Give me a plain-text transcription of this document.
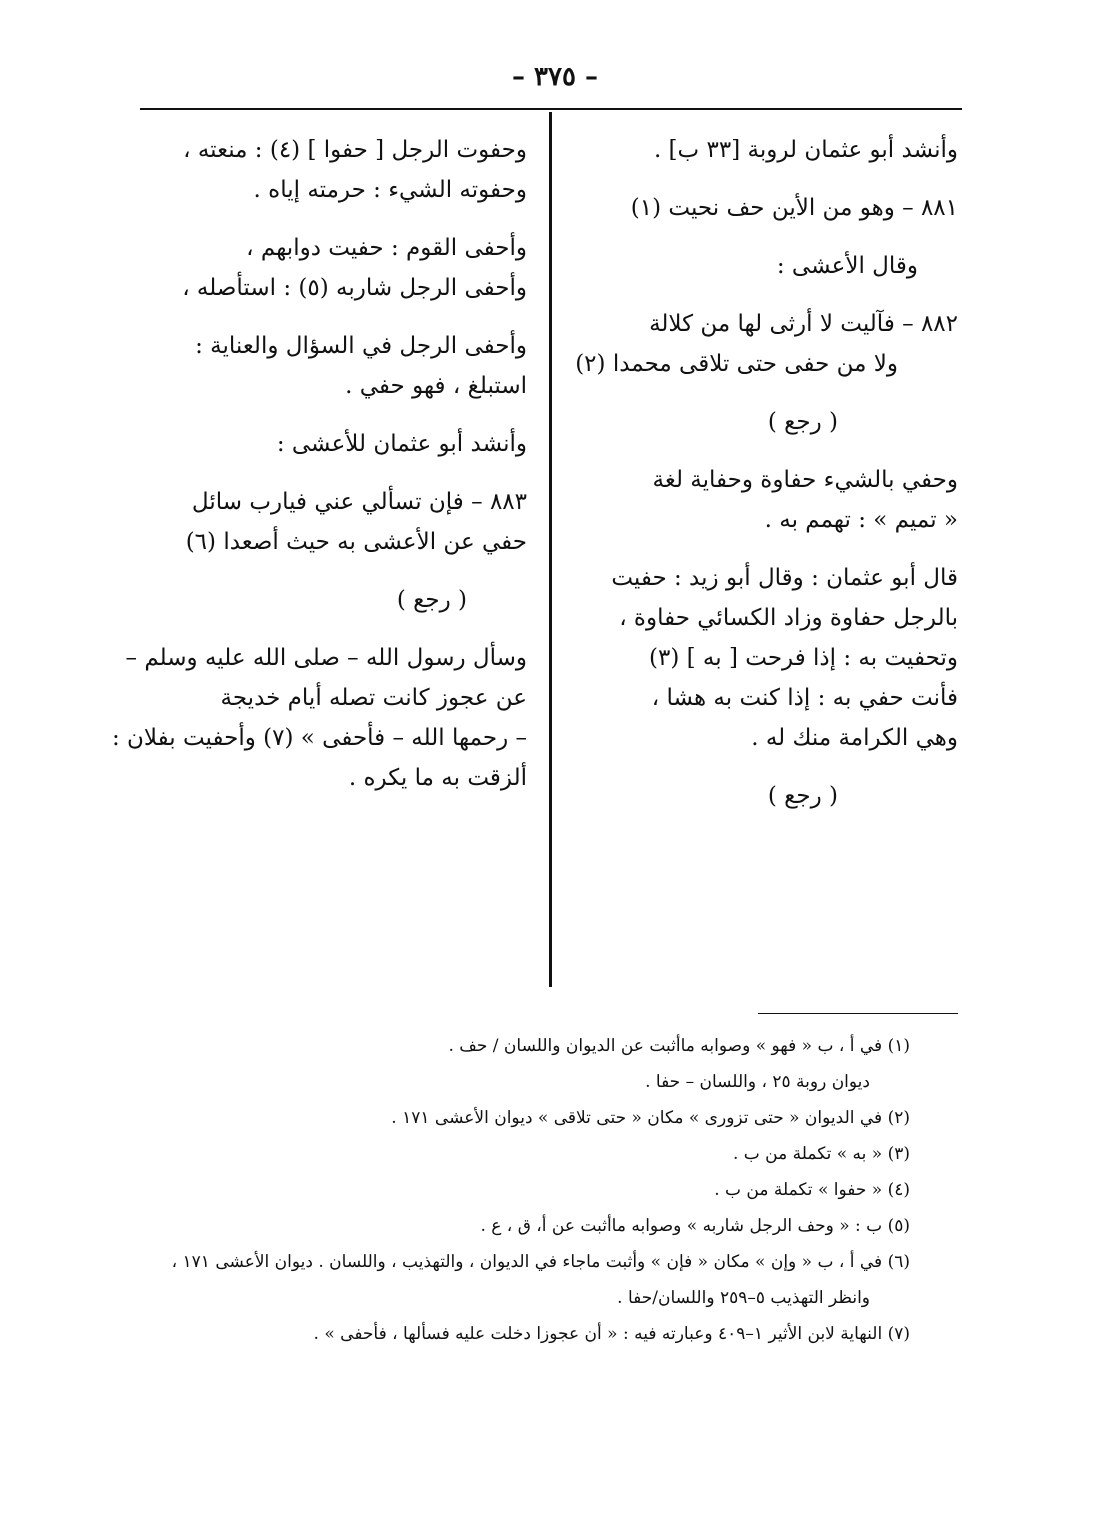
– ٣٧٥ –
وأنشد أبو عثمان لروبة [٣٣ ب] .
٨٨١ – وهو من الأين حف نحيت (١)
وقال الأعشى :
٨٨٢ – فآليت لا أرثى لها من كلالة
ولا من حفى حتى تلاقى محمدا (٢)
( رجع )
وحفي بالشيء حفاوة وحفاية لغة
« تميم » : تهمم به .
قال أبو عثمان : وقال أبو زيد : حفيت
بالرجل حفاوة وزاد الكسائي حفاوة ،
وتحفيت به : إذا فرحت [ به ] (٣)
فأنت حفي به : إذا كنت به هشا ،
وهي الكرامة منك له .
( رجع )
وحفوت الرجل [ حفوا ] (٤) : منعته ،
وحفوته الشيء : حرمته إياه .
وأحفى القوم : حفيت دوابهم ،
وأحفى الرجل شاربه (٥) : استأصله ،
وأحفى الرجل في السؤال والعناية :
استبلغ ، فهو حفي .
وأنشد أبو عثمان للأعشى :
٨٨٣ – فإن تسألي عني فيارب سائل
حفي عن الأعشى به حيث أصعدا (٦)
( رجع )
وسأل رسول الله – صلى الله عليه وسلم –
عن عجوز كانت تصله أيام خديجة
– رحمها الله – فأحفى » (٧) وأحفيت بفلان :
ألزقت به ما يكره .
(١) في أ ، ب « فهو » وصوابه ماأثبت عن الديوان واللسان / حف .
ديوان روبة ٢٥ ، واللسان – حفا .
(٢) في الديوان « حتى تزورى » مكان « حتى تلاقى » ديوان الأعشى ١٧١ .
(٣) « به » تكملة من ب .
(٤) « حفوا » تكملة من ب .
(٥) ب : « وحف الرجل شاربه » وصوابه ماأثبت عن أ، ق ، ع .
(٦) في أ ، ب « وإن » مكان « فإن » وأثبت ماجاء في الديوان ، والتهذيب ، واللسان . ديوان الأعشى ١٧١ ،
وانظر التهذيب ٥–٢٥٩ واللسان/حفا .
(٧) النهاية لابن الأثير ١–٤٠٩ وعبارته فيه : « أن عجوزا دخلت عليه فسألها ، فأحفى » .
